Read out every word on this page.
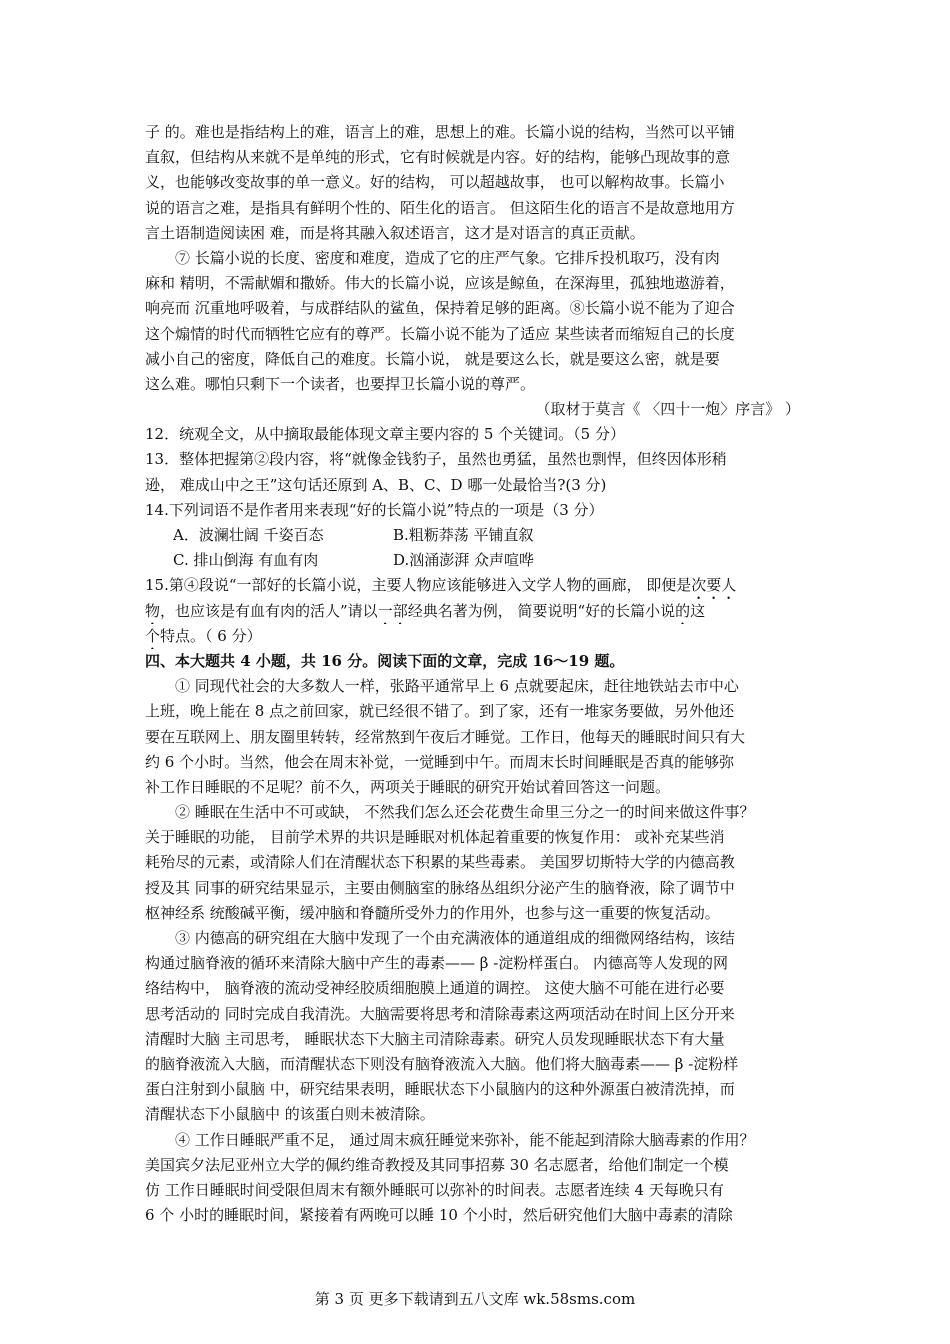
子 的。难也是指结构上的难，语言上的难，思想上的难。长篇小说的结构，当然可以平铺
直叙，但结构从来就不是单纯的形式，它有时候就是内容。好的结构，能够凸现故事的意
义，也能够改变故事的单一意义。好的结构， 可以超越故事， 也可以解构故事。长篇小
说的语言之难，是指具有鲜明个性的、陌生化的语言。 但这陌生化的语言不是故意地用方
言土语制造阅读困 难，而是将其融入叙述语言，这才是对语言的真正贡献。
⑦ 长篇小说的长度、密度和难度，造成了它的庄严气象。它排斥投机取巧，没有肉
麻和 精明，不需献媚和撒娇。伟大的长篇小说，应该是鲸鱼，在深海里，孤独地遨游着，
响亮而 沉重地呼吸着，与成群结队的鲨鱼，保持着足够的距离。⑧长篇小说不能为了迎合
这个煽情的时代而牺牲它应有的尊严。长篇小说不能为了适应 某些读者而缩短自己的长度
减小自己的密度，降低自己的难度。长篇小说， 就是要这么长，就是要这么密，就是要
这么难。哪怕只剩下一个读者，也要捍卫长篇小说的尊严。
（取材于莫言《 〈四十一炮〉序言》 ）
12．统观全文，从中摘取最能体现文章主要内容的 5 个关键词。（5 分）
13．整体把握第②段内容，将“就像金钱豹子，虽然也勇猛，虽然也剽悍，但终因体形稍
逊， 难成山中之王”这句话还原到 A、B、C、D 哪一处最恰当?(3 分)
14.下列词语不是作者用来表现“好的长篇小说”特点的一项是（3 分）
A．波澜壮阔 千姿百态	B.粗粝莽荡 平铺直叙
C. 排山倒海 有血有肉	D.汹涌澎湃 众声喧哗
15.第④段说“一部好的长篇小说，主要人物应该能够进入文学人物的画廊， 即便是次要人
物，也应该是有血有肉的活人”请以一部经典名著为例， 简要说明“好的长篇小说的这
个特点。（ 6 分）
四、本大题共 4 小题，共 16 分。阅读下面的文章，完成 16～19 题。
① 同现代社会的大多数人一样，张路平通常早上 6 点就要起床，赶往地铁站去市中心
上班，晚上能在 8 点之前回家，就已经很不错了。到了家，还有一堆家务要做，另外他还
要在互联网上、朋友圈里转转，经常熬到午夜后才睡觉。工作日，他每天的睡眠时间只有大
约 6 个小时。当然，他会在周末补觉，一觉睡到中午。而周末长时间睡眠是否真的能够弥
补工作日睡眠的不足呢？前不久，两项关于睡眠的研究开始试着回答这一问题。
② 睡眠在生活中不可或缺， 不然我们怎么还会花费生命里三分之一的时间来做这件事？
关于睡眠的功能， 目前学术界的共识是睡眠对机体起着重要的恢复作用： 或补充某些消
耗殆尽的元素，或清除人们在清醒状态下积累的某些毒素。 美国罗切斯特大学的内德高教
授及其 同事的研究结果显示，主要由侧脑室的脉络丛组织分泌产生的脑脊液，除了调节中
枢神经系 统酸碱平衡，缓冲脑和脊髓所受外力的作用外，也参与这一重要的恢复活动。
③ 内德高的研究组在大脑中发现了一个由充满液体的通道组成的细微网络结构，该结
构通过脑脊液的循环来清除大脑中产生的毒素—— β -淀粉样蛋白。 内德高等人发现的网
络结构中， 脑脊液的流动受神经胶质细胞膜上通道的调控。 这使大脑不可能在进行必要
思考活动的 同时完成自我清洗。大脑需要将思考和清除毒素这两项活动在时间上区分开来
清醒时大脑 主司思考， 睡眠状态下大脑主司清除毒素。研究人员发现睡眠状态下有大量
的脑脊液流入大脑，而清醒状态下则没有脑脊液流入大脑。他们将大脑毒素—— β -淀粉样
蛋白注射到小鼠脑 中，研究结果表明，睡眠状态下小鼠脑内的这种外源蛋白被清洗掉，而
清醒状态下小鼠脑中 的该蛋白则未被清除。
④ 工作日睡眠严重不足， 通过周末疯狂睡觉来弥补，能不能起到清除大脑毒素的作用？
美国宾夕法尼亚州立大学的佩约维奇教授及其同事招募 30 名志愿者，给他们制定一个模
仿 工作日睡眠时间受限但周末有额外睡眠可以弥补的时间表。志愿者连续 4 天每晚只有
6 个 小时的睡眠时间，紧接着有两晚可以睡 10 个小时，然后研究他们大脑中毒素的清除
第 3 页 更多下载请到五八文库 wk.58sms.com
